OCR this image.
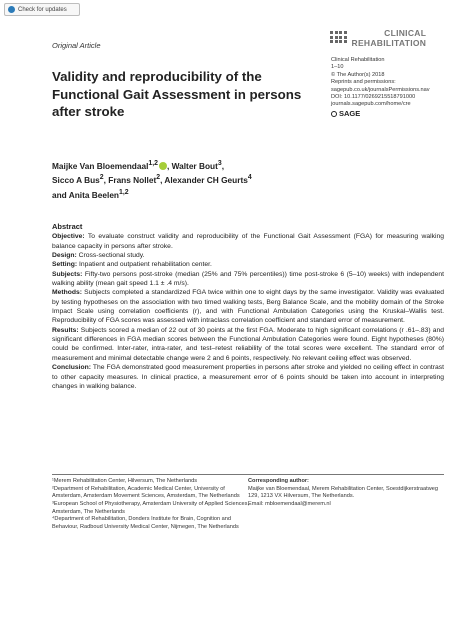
Check for updates
Original Article
CLINICAL
REHABILITATION
Clinical Rehabilitation
1–10
© The Author(s) 2018
Reprints and permissions:
sagepub.co.uk/journalsPermissions.nav
DOI: 10.1177/0269215518791000
journals.sagepub.com/home/cre
SAGE
Validity and reproducibility of the Functional Gait Assessment in persons after stroke
Maijke Van Bloemendaal$^{1,2}$ , Walter Bout$^3$,
Sicco A Bus$^2$, Frans Nollet$^2$, Alexander CH Geurts$^4$
and Anita Beelen$^{1,2}$
Abstract

Objective: To evaluate construct validity and reproducibility of the Functional Gait Assessment (FGA) for measuring walking balance capacity in persons after stroke.

Design: Cross-sectional study.

Setting: Inpatient and outpatient rehabilitation center.

Subjects: Fifty-two persons post-stroke (median (25% and 75% percentiles)) time post-stroke 6 (5–10) weeks) with independent walking ability (mean gait speed 1.1 ± .4 m/s).

Methods: Subjects completed a standardized FGA twice within one to eight days by the same investigator. Validity was evaluated by testing hypotheses on the association with two timed walking tests, Berg Balance Scale, and the mobility domain of the Stroke Impact Scale using correlation coefficients (r), and with Functional Ambulation Categories using the Kruskal–Wallis test. Reproducibility of FGA scores was assessed with intraclass correlation coefficient and standard error of measurement.

Results: Subjects scored a median of 22 out of 30 points at the first FGA. Moderate to high significant correlations (r .61–.83) and significant differences in FGA median scores between the Functional Ambulation Categories were found. Eight hypotheses (80%) could be confirmed. Inter-rater, intra-rater, and test–retest reliability of the total scores were excellent. The standard error of measurement and minimal detectable change were 2 and 6 points, respectively. No relevant ceiling effect was observed.

Conclusion: The FGA demonstrated good measurement properties in persons after stroke and yielded no ceiling effect in contrast to other capacity measures. In clinical practice, a measurement error of 6 points should be taken into account in interpreting changes in walking balance.

¹Merem Rehabilitation Center, Hilversum, The Netherlands
²Department of Rehabilitation, Academic Medical Center, University of Amsterdam, Amsterdam Movement Sciences, Amsterdam, The Netherlands
³European School of Physiotherapy, Amsterdam University of Applied Sciences, Amsterdam, The Netherlands
⁴Department of Rehabilitation, Donders Institute for Brain, Cognition and Behaviour, Radboud University Medical Center, Nijmegen, The Netherlands
Corresponding author:
Maijke van Bloemendaal, Merem Rehabilitation Center, Soestdijkerstraatweg 129, 1213 VX Hilversum, The Netherlands.
Email: mbloemendaal@merem.nl
